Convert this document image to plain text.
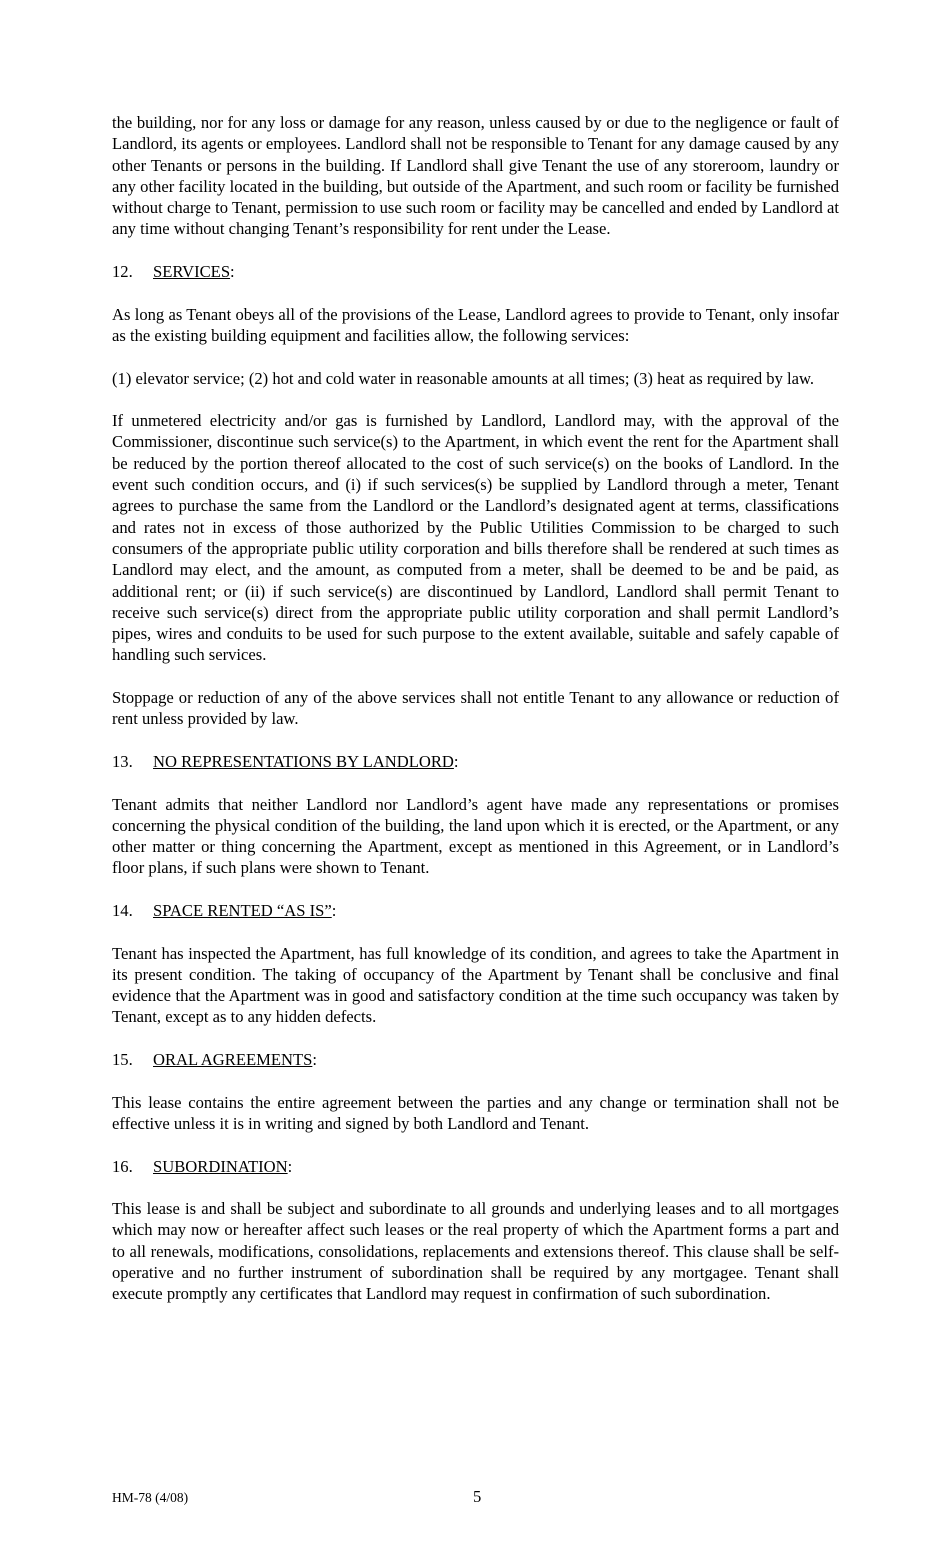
the building, nor for any loss or damage for any reason, unless caused by or due to the negligence or fault of Landlord, its agents or employees. Landlord shall not be responsible to Tenant for any damage caused by any other Tenants or persons in the building. If Landlord shall give Tenant the use of any storeroom, laundry or any other facility located in the building, but outside of the Apartment, and such room or facility be furnished without charge to Tenant, permission to use such room or facility may be cancelled and ended by Landlord at any time without changing Tenant’s responsibility for rent under the Lease.

12. SERVICES:

As long as Tenant obeys all of the provisions of the Lease, Landlord agrees to provide to Tenant, only insofar as the existing building equipment and facilities allow, the following services:

(1) elevator service; (2) hot and cold water in reasonable amounts at all times; (3) heat as required by law.

If unmetered electricity and/or gas is furnished by Landlord, Landlord may, with the approval of the Commissioner, discontinue such service(s) to the Apartment, in which event the rent for the Apartment shall be reduced by the portion thereof allocated to the cost of such service(s) on the books of Landlord. In the event such condition occurs, and (i) if such services(s) be supplied by Landlord through a meter, Tenant agrees to purchase the same from the Landlord or the Landlord’s designated agent at terms, classifications and rates not in excess of those authorized by the Public Utilities Commission to be charged to such consumers of the appropriate public utility corporation and bills therefore shall be rendered at such times as Landlord may elect, and the amount, as computed from a meter, shall be deemed to be and be paid, as additional rent; or (ii) if such service(s) are discontinued by Landlord, Landlord shall permit Tenant to receive such service(s) direct from the appropriate public utility corporation and shall permit Landlord’s pipes, wires and conduits to be used for such purpose to the extent available, suitable and safely capable of handling such services.

Stoppage or reduction of any of the above services shall not entitle Tenant to any allowance or reduction of rent unless provided by law.

13. NO REPRESENTATIONS BY LANDLORD:

Tenant admits that neither Landlord nor Landlord’s agent have made any representations or promises concerning the physical condition of the building, the land upon which it is erected, or the Apartment, or any other matter or thing concerning the Apartment, except as mentioned in this Agreement, or in Landlord’s floor plans, if such plans were shown to Tenant.

14. SPACE RENTED “AS IS”:

Tenant has inspected the Apartment, has full knowledge of its condition, and agrees to take the Apartment in its present condition. The taking of occupancy of the Apartment by Tenant shall be conclusive and final evidence that the Apartment was in good and satisfactory condition at the time such occupancy was taken by Tenant, except as to any hidden defects.

15. ORAL AGREEMENTS:

This lease contains the entire agreement between the parties and any change or termination shall not be effective unless it is in writing and signed by both Landlord and Tenant.

16. SUBORDINATION:

This lease is and shall be subject and subordinate to all grounds and underlying leases and to all mortgages which may now or hereafter affect such leases or the real property of which the Apartment forms a part and to all renewals, modifications, consolidations, replacements and extensions thereof. This clause shall be self-operative and no further instrument of subordination shall be required by any mortgagee. Tenant shall execute promptly any certificates that Landlord may request in confirmation of such subordination.

HM-78 (4/08)	5
